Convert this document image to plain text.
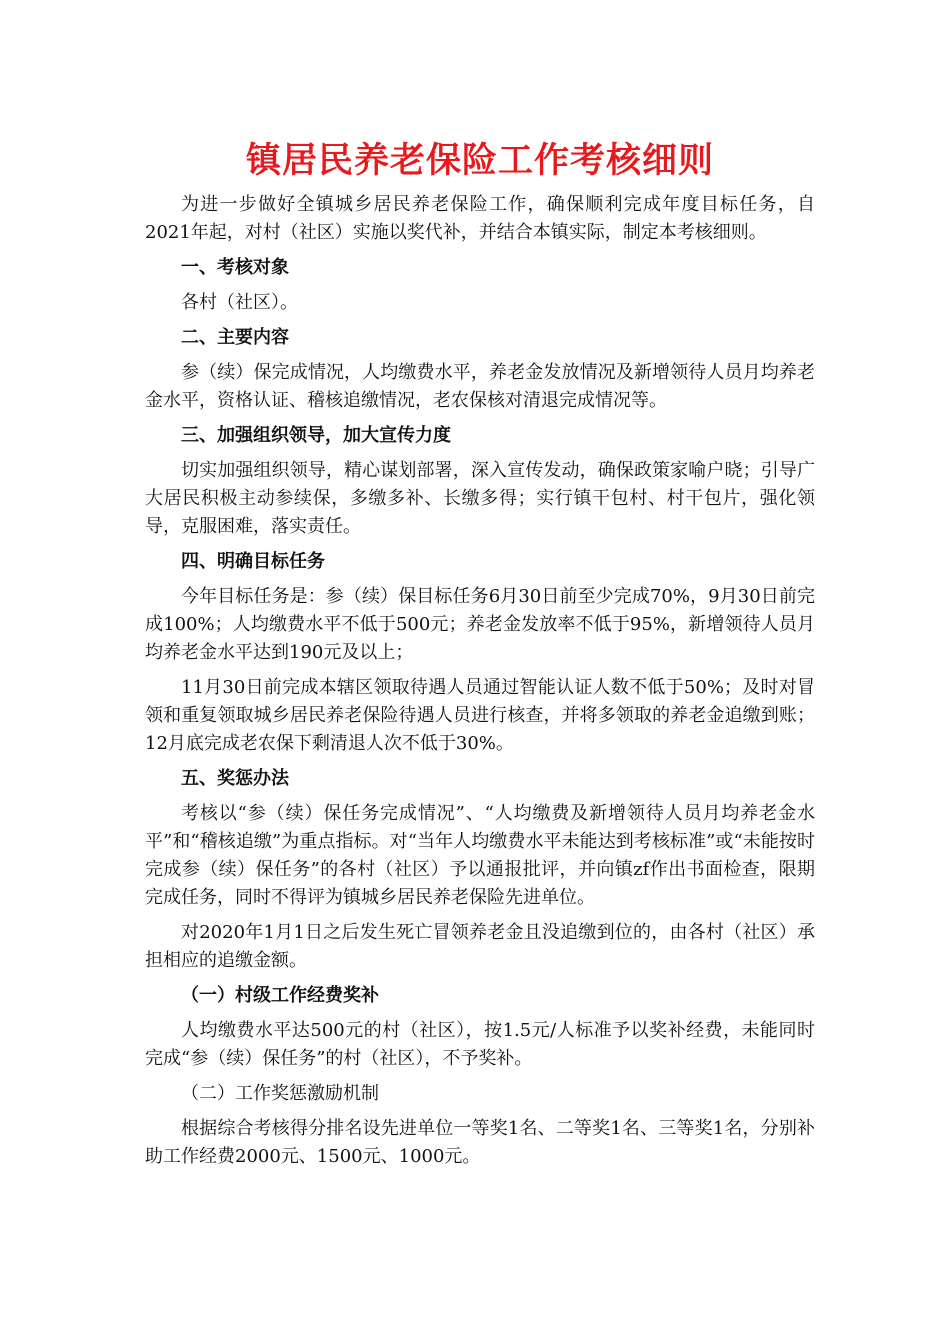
镇居民养老保险工作考核细则

为进一步做好全镇城乡居民养老保险工作，确保顺利完成年度目标任务，自2021年起，对村（社区）实施以奖代补，并结合本镇实际，制定本考核细则。

一、考核对象

各村（社区）。

二、主要内容

参（续）保完成情况，人均缴费水平，养老金发放情况及新增领待人员月均养老金水平，资格认证、稽核追缴情况，老农保核对清退完成情况等。

三、加强组织领导，加大宣传力度

切实加强组织领导，精心谋划部署，深入宣传发动，确保政策家喻户晓；引导广大居民积极主动参续保，多缴多补、长缴多得；实行镇干包村、村干包片，强化领导，克服困难，落实责任。

四、明确目标任务

今年目标任务是：参（续）保目标任务6月30日前至少完成70%，9月30日前完成100%；人均缴费水平不低于500元；养老金发放率不低于95%，新增领待人员月均养老金水平达到190元及以上；

11月30日前完成本辖区领取待遇人员通过智能认证人数不低于50%；及时对冒领和重复领取城乡居民养老保险待遇人员进行核查，并将多领取的养老金追缴到账；12月底完成老农保下剩清退人次不低于30%。

五、奖惩办法

考核以“参（续）保任务完成情况”、“人均缴费及新增领待人员月均养老金水平”和“稽核追缴”为重点指标。对“当年人均缴费水平未能达到考核标准”或“未能按时完成参（续）保任务”的各村（社区）予以通报批评，并向镇zf作出书面检查，限期完成任务，同时不得评为镇城乡居民养老保险先进单位。

对2020年1月1日之后发生死亡冒领养老金且没追缴到位的，由各村（社区）承担相应的追缴金额。

（一）村级工作经费奖补

人均缴费水平达500元的村（社区），按1.5元/人标准予以奖补经费，未能同时完成“参（续）保任务”的村（社区），不予奖补。

（二）工作奖惩激励机制

根据综合考核得分排名设先进单位一等奖1名、二等奖1名、三等奖1名，分别补助工作经费2000元、1500元、1000元。
